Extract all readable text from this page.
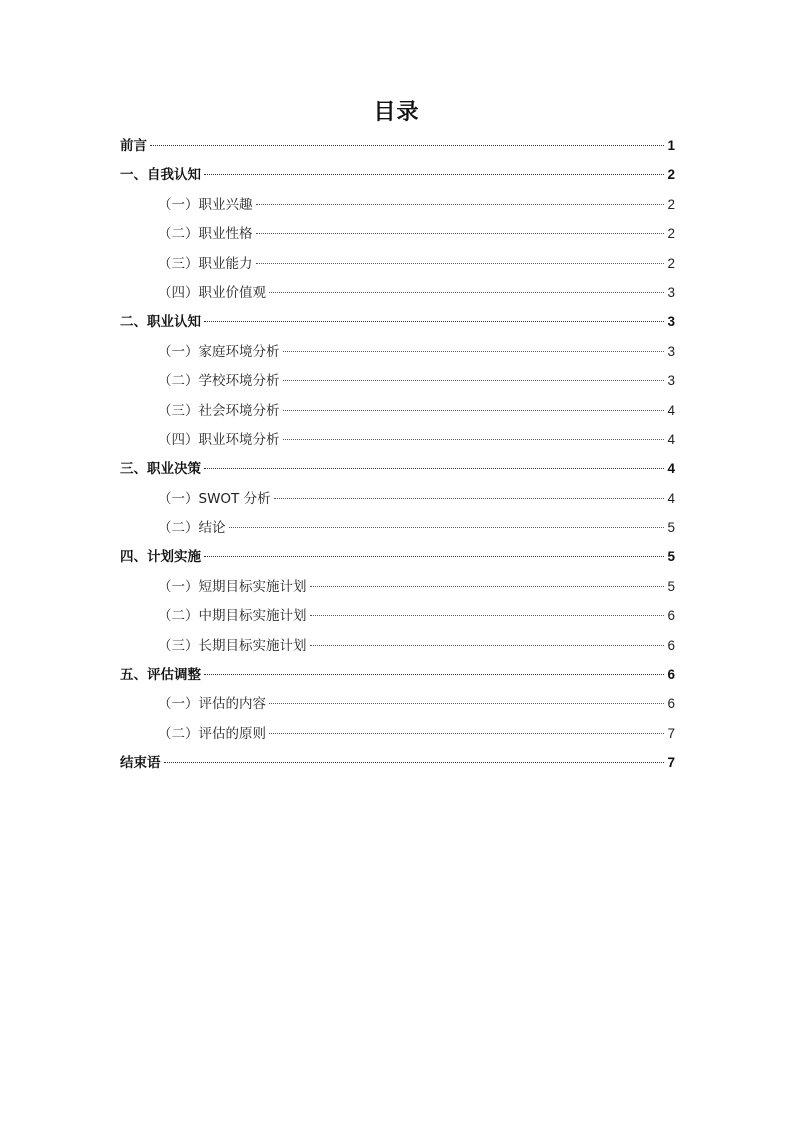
目录
前言	1
一、自我认知	2
（一）职业兴趣	2
（二）职业性格	2
（三）职业能力	2
（四）职业价值观	3
二、职业认知	3
（一）家庭环境分析	3
（二）学校环境分析	3
（三）社会环境分析	4
（四）职业环境分析	4
三、职业决策	4
（一）SWOT 分析	4
（二）结论	5
四、计划实施	5
（一）短期目标实施计划	5
（二）中期目标实施计划	6
（三）长期目标实施计划	6
五、评估调整	6
（一）评估的内容	6
（二）评估的原则	7
结束语	7
